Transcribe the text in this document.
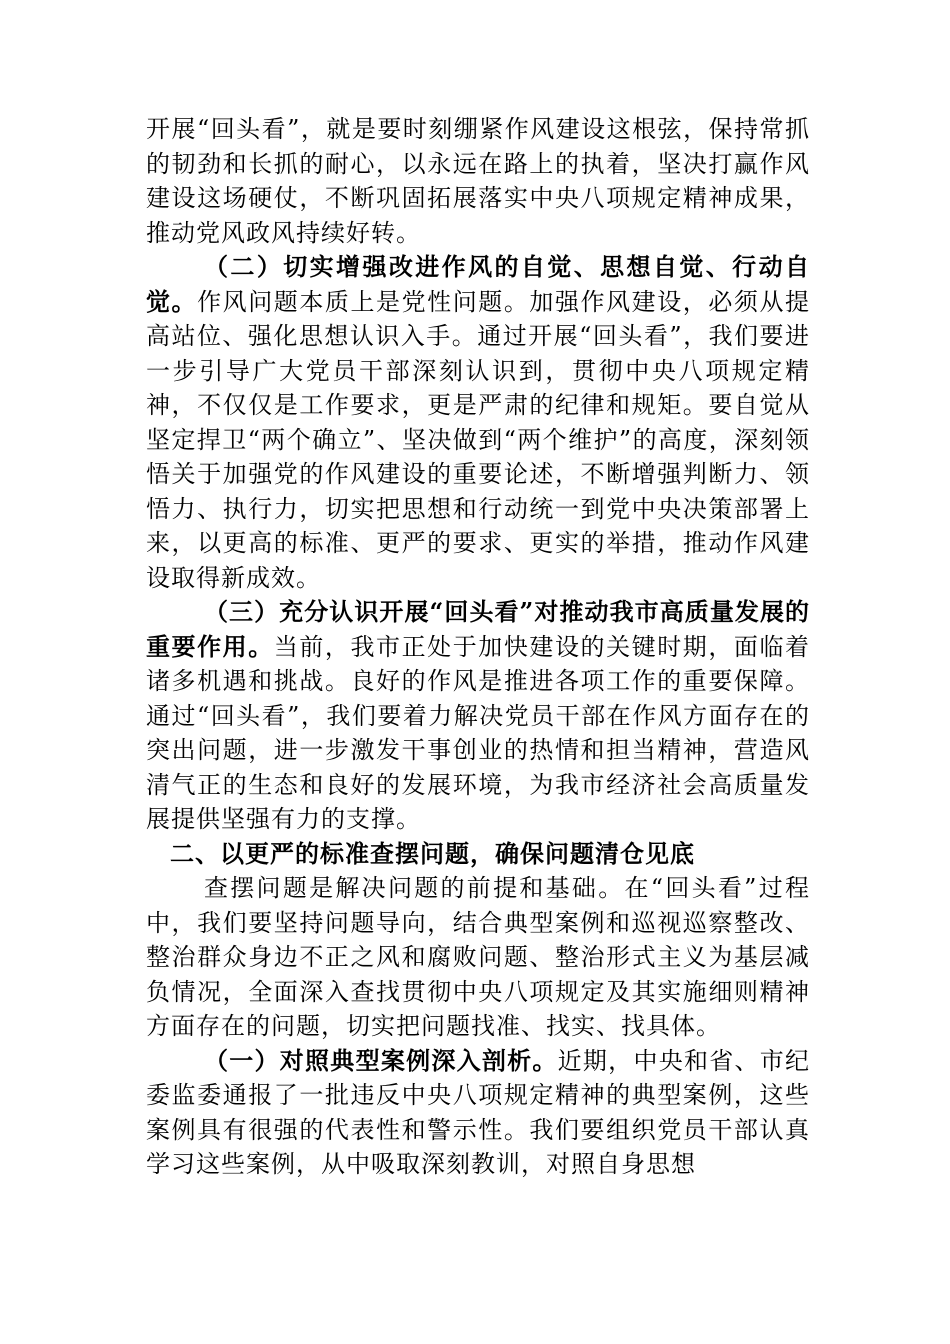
开展“回头看”，就是要时刻绷紧作风建设这根弦，保持常抓的韧劲和长抓的耐心，以永远在路上的执着，坚决打赢作风建设这场硬仗，不断巩固拓展落实中央八项规定精神成果，推动党风政风持续好转。

（二）切实增强改进作风的自觉、思想自觉、行动自觉。作风问题本质上是党性问题。加强作风建设，必须从提高站位、强化思想认识入手。通过开展“回头看”，我们要进一步引导广大党员干部深刻认识到，贯彻中央八项规定精神，不仅仅是工作要求，更是严肃的纪律和规矩。要自觉从坚定捍卫“两个确立”、坚决做到“两个维护”的高度，深刻领悟关于加强党的作风建设的重要论述，不断增强判断力、领悟力、执行力，切实把思想和行动统一到党中央决策部署上来，以更高的标准、更严的要求、更实的举措，推动作风建设取得新成效。

（三）充分认识开展“回头看”对推动我市高质量发展的重要作用。当前，我市正处于加快建设的关键时期，面临着诸多机遇和挑战。良好的作风是推进各项工作的重要保障。通过“回头看”，我们要着力解决党员干部在作风方面存在的突出问题，进一步激发干事创业的热情和担当精神，营造风清气正的生态和良好的发展环境，为我市经济社会高质量发展提供坚强有力的支撑。

二、以更严的标准查摆问题，确保问题清仓见底

查摆问题是解决问题的前提和基础。在“回头看”过程中，我们要坚持问题导向，结合典型案例和巡视巡察整改、整治群众身边不正之风和腐败问题、整治形式主义为基层减负情况，全面深入查找贯彻中央八项规定及其实施细则精神方面存在的问题，切实把问题找准、找实、找具体。

（一）对照典型案例深入剖析。近期，中央和省、市纪委监委通报了一批违反中央八项规定精神的典型案例，这些案例具有很强的代表性和警示性。我们要组织党员干部认真学习这些案例，从中吸取深刻教训，对照自身思想
